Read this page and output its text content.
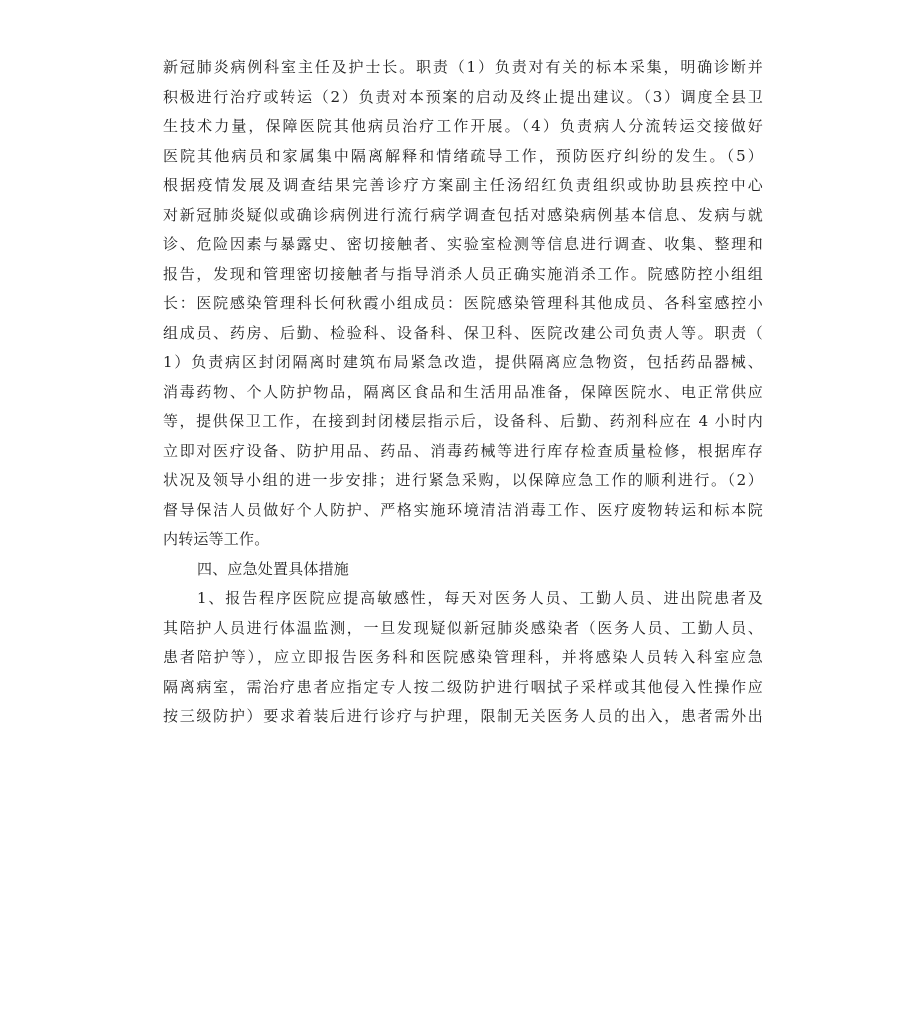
新冠肺炎病例科室主任及护士长。职责（1）负责对有关的标本采集，明确诊断并
积极进行治疗或转运（2）负责对本预案的启动及终止提出建议。（3）调度全县卫
生技术力量，保障医院其他病员治疗工作开展。（4）负责病人分流转运交接做好
医院其他病员和家属集中隔离解释和情绪疏导工作，预防医疗纠纷的发生。（5）
根据疫情发展及调查结果完善诊疗方案副主任汤绍红负责组织或协助县疾控中心
对新冠肺炎疑似或确诊病例进行流行病学调查包括对感染病例基本信息、发病与就
诊、危险因素与暴露史、密切接触者、实验室检测等信息进行调查、收集、整理和
报告，发现和管理密切接触者与指导消杀人员正确实施消杀工作。院感防控小组组
长：医院感染管理科长何秋霞小组成员：医院感染管理科其他成员、各科室感控小
组成员、药房、后勤、检验科、设备科、保卫科、医院改建公司负责人等。职责（
1）负责病区封闭隔离时建筑布局紧急改造，提供隔离应急物资，包括药品器械、
消毒药物、个人防护物品，隔离区食品和生活用品准备，保障医院水、电正常供应
等，提供保卫工作，在接到封闭楼层指示后，设备科、后勤、药剂科应在 4 小时内
立即对医疗设备、防护用品、药品、消毒药械等进行库存检查质量检修，根据库存
状况及领导小组的进一步安排；进行紧急采购，以保障应急工作的顺利进行。（2）
督导保洁人员做好个人防护、严格实施环境清洁消毒工作、医疗废物转运和标本院
内转运等工作。
四、应急处置具体措施
1、报告程序医院应提高敏感性，每天对医务人员、工勤人员、进出院患者及
其陪护人员进行体温监测，一旦发现疑似新冠肺炎感染者（医务人员、工勤人员、
患者陪护等），应立即报告医务科和医院感染管理科，并将感染人员转入科室应急
隔离病室，需治疗患者应指定专人按二级防护进行咽拭子采样或其他侵入性操作应
按三级防护）要求着装后进行诊疗与护理，限制无关医务人员的出入，患者需外出
